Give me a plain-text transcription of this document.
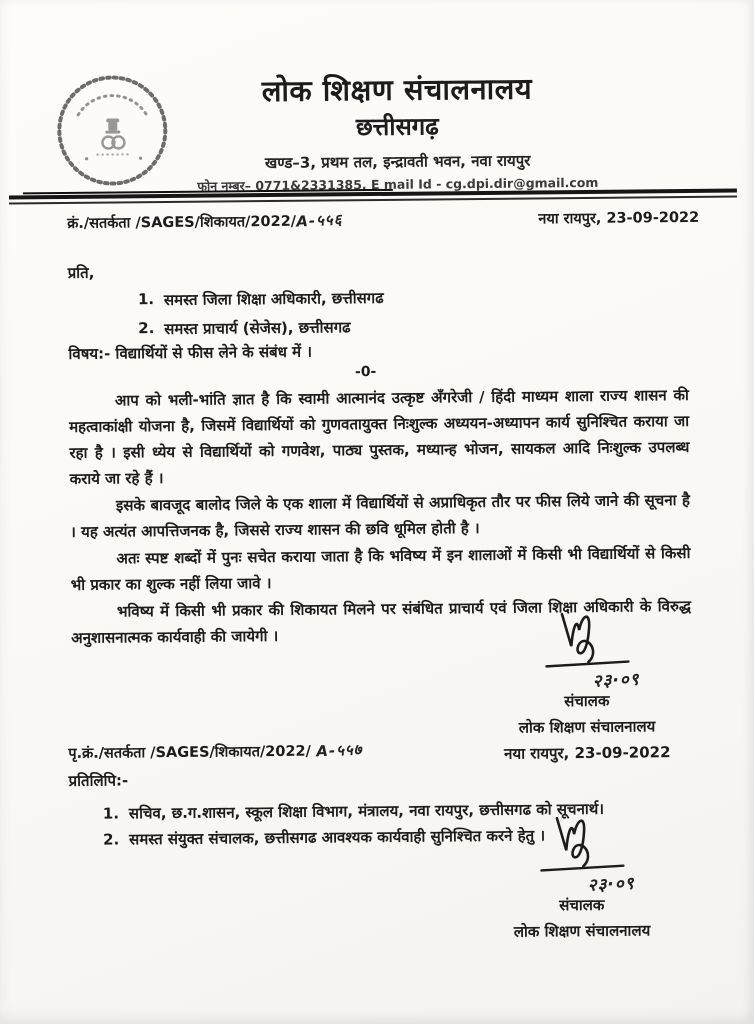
लोक शिक्षण संचालनालय
छत्तीसगढ़
खण्ड–3, प्रथम तल, इन्द्रावती भवन, नवा रायपुर
फोन नम्बर– 0771&2331385, E mail Id - cg.dpi.dir@gmail.com
क्रं./सतर्कता /SAGES/शिकायत/2022/A-५५६	नया रायपुर, 23-09-2022
प्रति,
1. समस्त जिला शिक्षा अधिकारी, छत्तीसगढ
2. समस्त प्राचार्य (सेजेस), छत्तीसगढ
विषय:- विद्यार्थियों से फीस लेने के संबंध में ।
-0-

आप को भली-भांति ज्ञात है कि स्वामी आत्मानंद उत्कृष्ट अँगरेजी / हिंदी माध्यम शाला राज्य शासन की महत्वाकांक्षी योजना है, जिसमें विद्यार्थियों को गुणवतायुक्त निःशुल्क अध्ययन-अध्यापन कार्य सुनिश्चित कराया जा रहा है । इसी ध्येय से विद्यार्थियों को गणवेश, पाठ्य पुस्तक, मध्यान्ह भोजन, सायकल आदि निःशुल्क उपलब्ध कराये जा रहे हैं ।

इसके बावजूद बालोद जिले के एक शाला में विद्यार्थियों से अप्राधिकृत तौर पर फीस लिये जाने की सूचना है । यह अत्यंत आपत्तिजनक है, जिससे राज्य शासन की छवि धूमिल होती है ।

अतः स्पष्ट शब्दों में पुनः सचेत कराया जाता है कि भविष्य में इन शालाओं में किसी भी विद्यार्थियों से किसी भी प्रकार का शुल्क नहीं लिया जावे ।

भविष्य में किसी भी प्रकार की शिकायत मिलने पर संबंधित प्राचार्य एवं जिला शिक्षा अधिकारी के विरुद्ध अनुशासनात्मक कार्यवाही की जायेगी ।

२३·०९
संचालक
लोक शिक्षण संचालनालय
नया रायपुर, 23-09-2022
पृ.क्रं./सतर्कता /SAGES/शिकायत/2022/ A-५५७
प्रतिलिपि:-
1. सचिव, छ.ग.शासन, स्कूल शिक्षा विभाग, मंत्रालय, नवा रायपुर, छत्तीसगढ को सूचनार्थ।
2. समस्त संयुक्त संचालक, छत्तीसगढ आवश्यक कार्यवाही सुनिश्चित करने हेतु ।
२३·०९
संचालक
लोक शिक्षण संचालनालय
